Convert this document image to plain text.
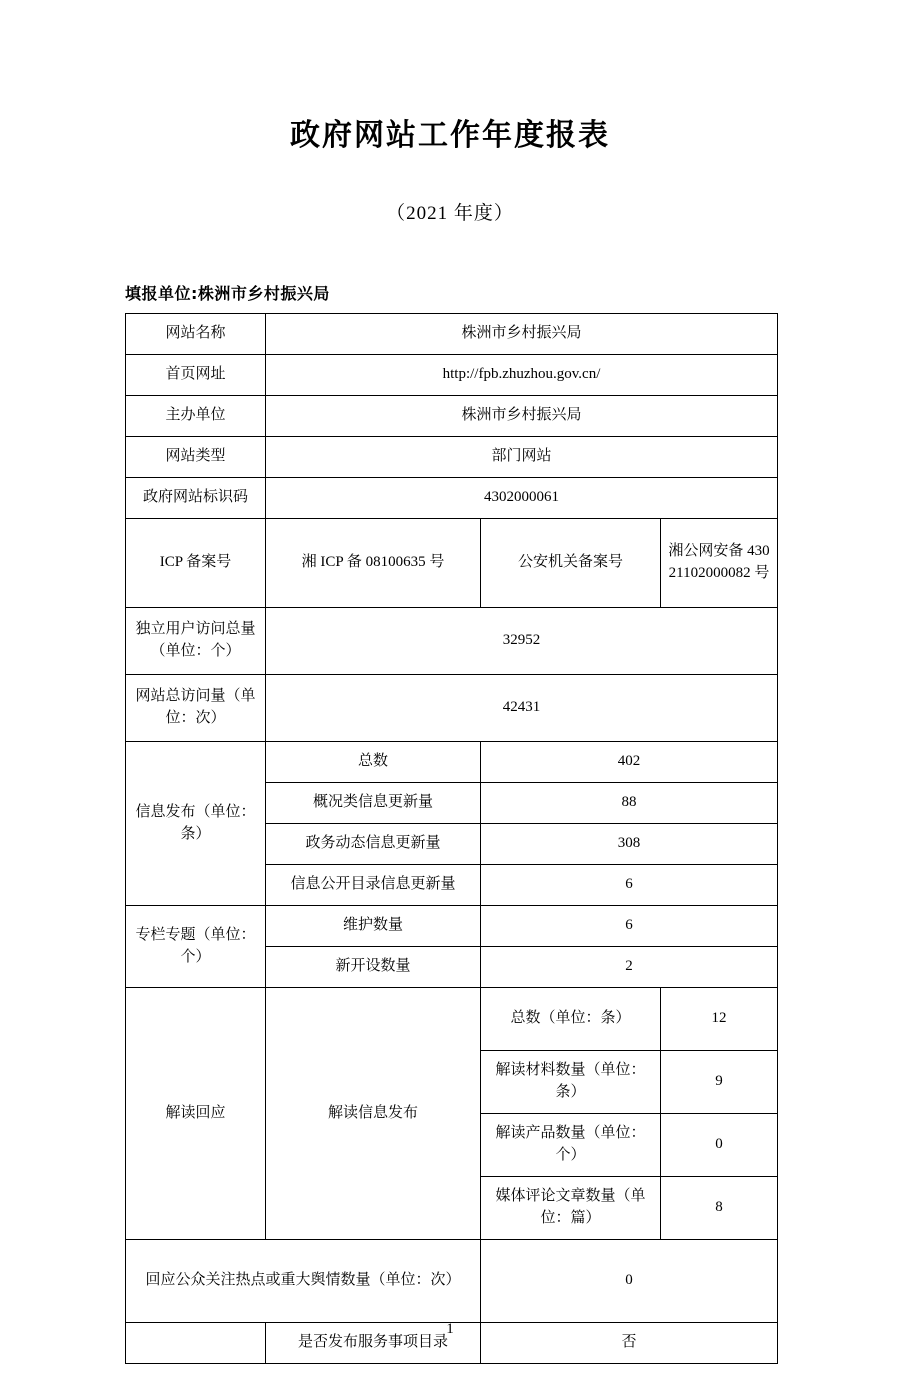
政府网站工作年度报表
（2021 年度）
填报单位:株洲市乡村振兴局
网站名称	株洲市乡村振兴局		
首页网址	http://fpb.zhuzhou.gov.cn/		
主办单位	株洲市乡村振兴局		
网站类型	部门网站		
政府网站标识码	4302000061		
ICP 备案号	湘 ICP 备 08100635 号	公安机关备案号	湘公网安备 43021102000082 号
独立用户访问总量（单位：个）	32952		
网站总访问量（单位：次）	42431		
信息发布（单位：条）	总数	402	
	概况类信息更新量	88	
	政务动态信息更新量	308	
	信息公开目录信息更新量	6	
专栏专题（单位：个）	维护数量	6	
	新开设数量	2	
解读回应	解读信息发布	总数（单位：条）	12
		解读材料数量（单位：条）	9
		解读产品数量（单位：个）	0
		媒体评论文章数量（单位：篇）	8
回应公众关注热点或重大舆情数量（单位：次）		0	
	是否发布服务事项目录	否	
1
